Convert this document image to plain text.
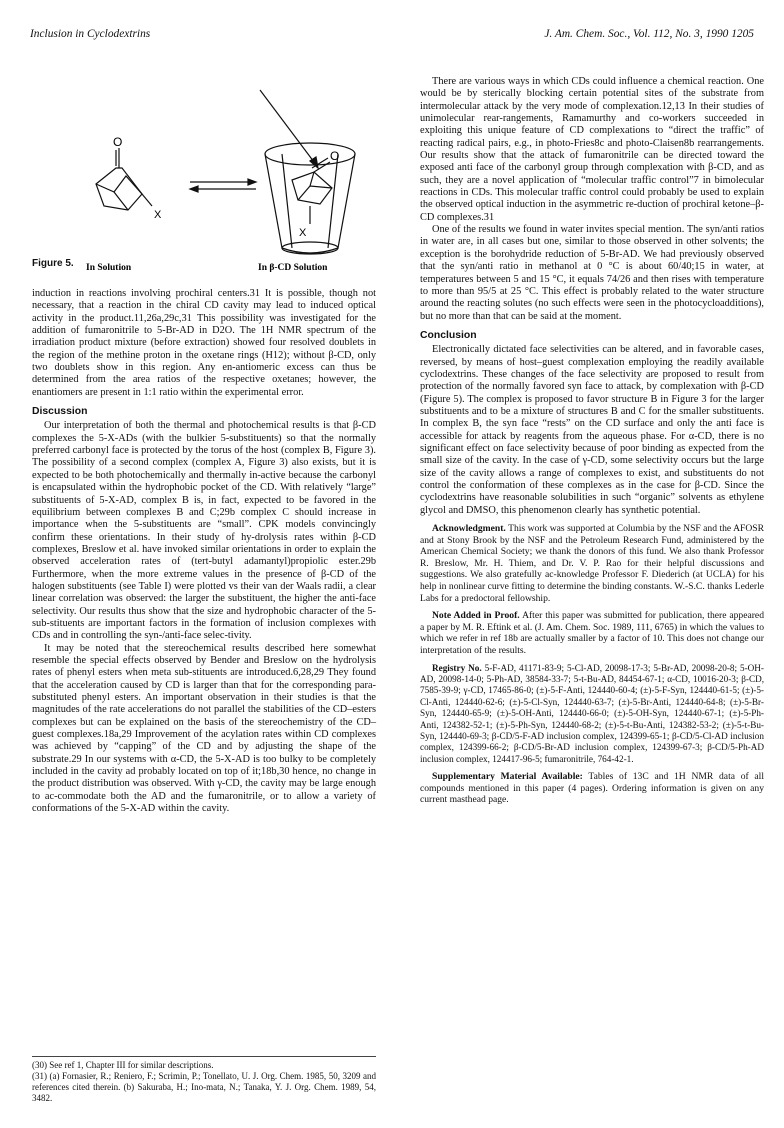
Inclusion in Cyclodextrins	J. Am. Chem. Soc., Vol. 112, No. 3, 1990 1205
O
X
O
X
In Solution	In β-CD Solution
Figure 5.

induction in reactions involving prochiral centers.31 It is possible, though not necessary, that a reaction in the chiral CD cavity may lead to induced optical activity in the product.11,26a,29c,31 This possibility was investigated for the addition of fumaronitrile to 5-Br-AD in D2O. The 1H NMR spectrum of the irradiation product mixture (before extraction) showed four resolved doublets in the region of the methine proton in the oxetane rings (H12); without β-CD, only two doublets show in this region. Any en-antiomeric excess can thus be determined from the area ratios of the respective oxetanes; however, the enantiomers are present in 1:1 ratio within the experimental error.

Discussion

Our interpretation of both the thermal and photochemical results is that β-CD complexes the 5-X-ADs (with the bulkier 5-substituents) so that the normally preferred carbonyl face is protected by the torus of the host (complex B, Figure 3). The possibility of a second complex (complex A, Figure 3) also exists, but it is expected to be both photochemically and thermally in-active because the carbonyl is encapsulated within the hydrophobic pocket of the CD. With relatively “large” substituents of 5-X-AD, complex B is, in fact, expected to be favored in the equilibrium between complexes B and C;29b complex C should increase in importance when the 5-substituents are “small”. CPK models convincingly confirm these orientations. In their study of hy-drolysis rates within β-CD complexes, Breslow et al. have invoked similar orientations in order to explain the observed acceleration rates of (tert-butyl adamantyl)propiolic ester.29b Furthermore, when the more extreme values in the presence of β-CD of the halogen substituents (see Table I) were plotted vs their van der Waals radii, a clear linear correlation was observed: the larger the substituent, the higher the anti-face selectivity. Our results thus show that the size and hydrophobic character of the 5-sub-stituents are important factors in the formation of inclusion complexes with CDs and in controlling the syn-/anti-face selec-tivity.

It may be noted that the stereochemical results described here somewhat resemble the special effects observed by Bender and Breslow on the hydrolysis rates of phenyl esters when meta sub-stituents are introduced.6,28,29 They found that the acceleration caused by CD is larger than that for the corresponding para-substituted phenyl esters. An important observation in their studies is that the magnitudes of the rate accelerations do not parallel the stabilities of the CD–esters complexes but can be explained on the basis of the stereochemistry of the CD–guest complexes.18a,29 Improvement of the acylation rates within CD complexes was achieved by “capping” of the CD and by adjusting the shape of the substrate.29 In our systems with α-CD, the 5-X-AD is too bulky to be completely included in the cavity ad probably located on top of it;18b,30 hence, no change in the product distribution was observed. With γ-CD, the cavity may be large enough to ac-commodate both the AD and the fumaronitrile, or to allow a variety of conformations of the 5-X-AD within the cavity.

(30) See ref 1, Chapter III for similar descriptions.
(31) (a) Fornasier, R.; Reniero, F.; Scrimin, P.; Tonellato, U. J. Org. Chem. 1985, 50, 3209 and references cited therein. (b) Sakuraba, H.; Ino-mata, N.; Tanaka, Y. J. Org. Chem. 1989, 54, 3482.

There are various ways in which CDs could influence a chemical reaction. One would be by sterically blocking certain potential sites of the substrate from intermolecular attack by the very mode of complexation.12,13 In their studies of unimolecular rear-rangements, Ramamurthy and co-workers succeeded in exploiting this unique feature of CD complexations to “direct the traffic” of reacting radical pairs, e.g., in photo-Fries8c and photo-Claisen8b rearrangements. Our results show that the attack of fumaronitrile can be directed toward the exposed anti face of the carbonyl group through complexation with β-CD, and as such, they are a novel application of “molecular traffic control”7 in bimolecular reactions in CDs. This molecular traffic control could probably be used to explain the observed optical induction in the asymmetric re-duction of prochiral ketone–β-CD complexes.31

One of the results we found in water invites special mention. The syn/anti ratios in water are, in all cases but one, similar to those observed in other solvents; the exception is the borohydride reduction of 5-Br-AD. We had previously observed that the syn/anti ratio in methanol at 0 °C is about 60/40;15 in water, at temperatures between 5 and 15 °C, it equals 74/26 and then rises with temperature to more than 95/5 at 25 °C. This effect is probably related to the water structure around the reacting solutes (no such effects were seen in the photocycloadditions), but no more than that can be said at the moment.

Conclusion

Electronically dictated face selectivities can be altered, and in favorable cases, reversed, by means of host–guest complexation employing the readily available cyclodextrins. These changes of the face selectivity are proposed to result from protection of the normally favored syn face to attack, by complexation with β-CD (Figure 5). The complex is proposed to favor structure B in Figure 3 for the larger substituents and to be a mixture of structures B and C for the smaller substituents. In complex B, the syn face “rests” on the CD surface and only the anti face is accessible for attack by reagents from the aqueous phase. For α-CD, there is no significant effect on face selectivity because of poor binding as expected from the small size of the cavity. In the case of γ-CD, some selectivity occurs but the large size of the cavity allows a range of complexes to exist, and substituents do not control the conformation of these complexes as in the case for β-CD. Since the cyclodextrins have reasonable solubilities in such “organic” solvents as ethylene glycol and DMSO, this phenomenon clearly has synthetic potential.

Acknowledgment. This work was supported at Columbia by the NSF and the AFOSR and at Stony Brook by the NSF and the Petroleum Research Fund, administered by the American Chemical Society; we thank the donors of this fund. We also thank Professor R. Breslow, Mr. H. Thiem, and Dr. V. P. Rao for their helpful discussions and suggestions. We also gratefully ac-knowledge Professor F. Diederich (at UCLA) for his help in nonlinear curve fitting to determine the binding constants. W.-S.C. thanks Lederle Labs for a predoctoral fellowship.

Note Added in Proof. After this paper was submitted for publication, there appeared a paper by M. R. Eftink et al. (J. Am. Chem. Soc. 1989, 111, 6765) in which the values to which we refer in ref 18b are actually smaller by a factor of 10. This does not change our interpretation of the results.

Registry No. 5-F-AD, 41171-83-9; 5-Cl-AD, 20098-17-3; 5-Br-AD, 20098-20-8; 5-OH-AD, 20098-14-0; 5-Ph-AD, 38584-33-7; 5-t-Bu-AD, 84454-67-1; α-CD, 10016-20-3; β-CD, 7585-39-9; γ-CD, 17465-86-0; (±)-5-F-Anti, 124440-60-4; (±)-5-F-Syn, 124440-61-5; (±)-5-Cl-Anti, 124440-62-6; (±)-5-Cl-Syn, 124440-63-7; (±)-5-Br-Anti, 124440-64-8; (±)-5-Br-Syn, 124440-65-9; (±)-5-OH-Anti, 124440-66-0; (±)-5-OH-Syn, 124440-67-1; (±)-5-Ph-Anti, 124382-52-1; (±)-5-Ph-Syn, 124440-68-2; (±)-5-t-Bu-Anti, 124382-53-2; (±)-5-t-Bu-Syn, 124440-69-3; β-CD/5-F-AD inclusion complex, 124399-65-1; β-CD/5-Cl-AD inclusion complex, 124399-66-2; β-CD/5-Br-AD inclusion complex, 124399-67-3; β-CD/5-Ph-AD inclusion complex, 124417-96-5; fumaronitrile, 764-42-1.

Supplementary Material Available: Tables of 13C and 1H NMR data of all compounds mentioned in this paper (4 pages). Ordering information is given on any current masthead page.
